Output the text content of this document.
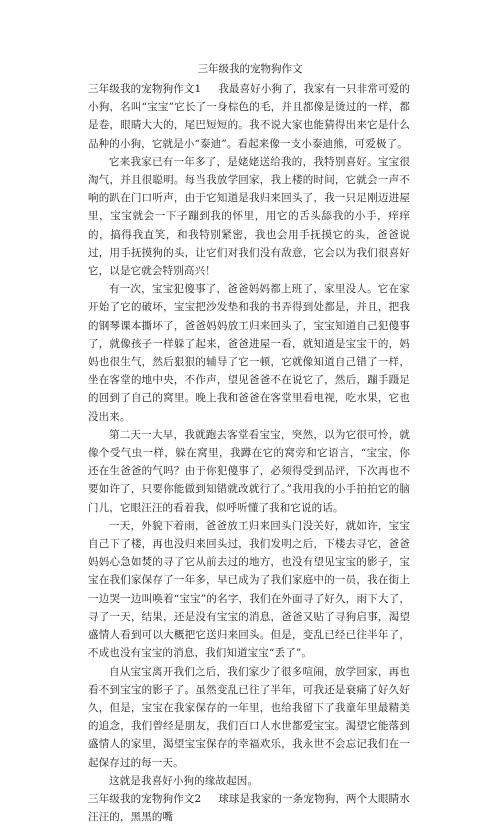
三年级我的宠物狗作文

三年级我的宠物狗作文1 我最喜好小狗了，我家有一只非常可爱的小狗，名叫“宝宝”它长了一身棕色的毛，并且都像是烫过的一样，都是卷，眼睛大大的，尾巴短短的。我不说大家也能猜得出来它是什么品种的小狗，它就是小“泰迪”。看起来像一支小泰迪熊，可爱极了。

它来我家已有一年多了，是姥姥送给我的，我特别喜好。宝宝很淘气，并且很聪明。每当我放学回家，我上楼的时间，它就会一声不响的趴在门口听声，由于它知道是我归来回头了，我一只足刚迈进屋里，宝宝就会一下子蹦到我的怀里，用它的舌头舔我的小手，痒痒的，搞得我直笑，和我特别紧密，我也会用手抚摸它的头，爸爸说过，用手抚摸狗的头，让它们对我们没有敌意，它会以为我们很喜好它，以是它就会特别高兴！

有一次，宝宝犯傻事了，爸爸妈妈都上班了，家里没人。它在家开始了它的破坏，宝宝把沙发垫和我的书弄得到处都是，并且，把我的钢琴课本撕坏了，爸爸妈妈放工归来回头了，宝宝知道自己犯傻事了，就像孩子一样躲了起来，爸爸进屋一看，就知道是宝宝干的，妈妈也很生气，然后狠狠的辅导了它一顿，它就像知道自己错了一样，坐在客堂的地中央，不作声，望见爸爸不在说它了，然后，蹦手蹑足的回到了自己的窝里。晚上我和爸爸在客堂里看电视，吃水果，它也没出来。

第二天一大早，我就跑去客堂看宝宝，突然，以为它很可怜，就像个受气虫一样，躲在窝里，我蹲在它的窝旁和它语言，“宝宝，你还在生爸爸的气吗？由于你犯傻事了，必须得受到品评，下次再也不要如许了，只要你能做到知错就改就行了。”我用我的小手拍拍它的脑门儿，它眼汪汪的看着我，似呼听懂了我和它说的话。

一天，外貌下着雨，爸爸放工归来回头门没关好，就如许，宝宝自己下了楼，再也没归来回头过，我们发明之后，下楼去寻它，爸爸 妈妈心急如焚的寻了它从前去过的地方，也没有望见宝宝的影子，宝宝在我们家保存了一年多，早已成为了我们家庭中的一员，我在街上一边哭一边叫唤着“宝宝”的名字，我们在外面寻了好久，雨下大了，寻了一天，结果，还是没有宝宝的消息，爸爸又贴了寻狗启事，渴望盛情人看到可以大概把它送归来回头。但是，变乱已经已往半年了，不成也没有宝宝的消息，我们知道宝宝“丢了”。

自从宝宝离开我们之后，我们家少了很多喧闹，放学回家，再也看不到宝宝的影子了。虽然变乱已往了半年，可我还是衰痛了好久好久，但是，宝宝在我家保存的一年里，也给我留下了我童年里最精美的追念，我们曾经是朋友，我们百口人水世都爱宝宝。渴望它能落到盛情人的家里，渴望宝宝保存的幸福欢乐，我永世不会忘记我们在一起保存过的每一天。

这就是我喜好小狗的缘故起因。

三年级我的宠物狗作文2 球球是我家的一条宠物狗，两个大眼睛水汪汪的，黑黑的嘴
